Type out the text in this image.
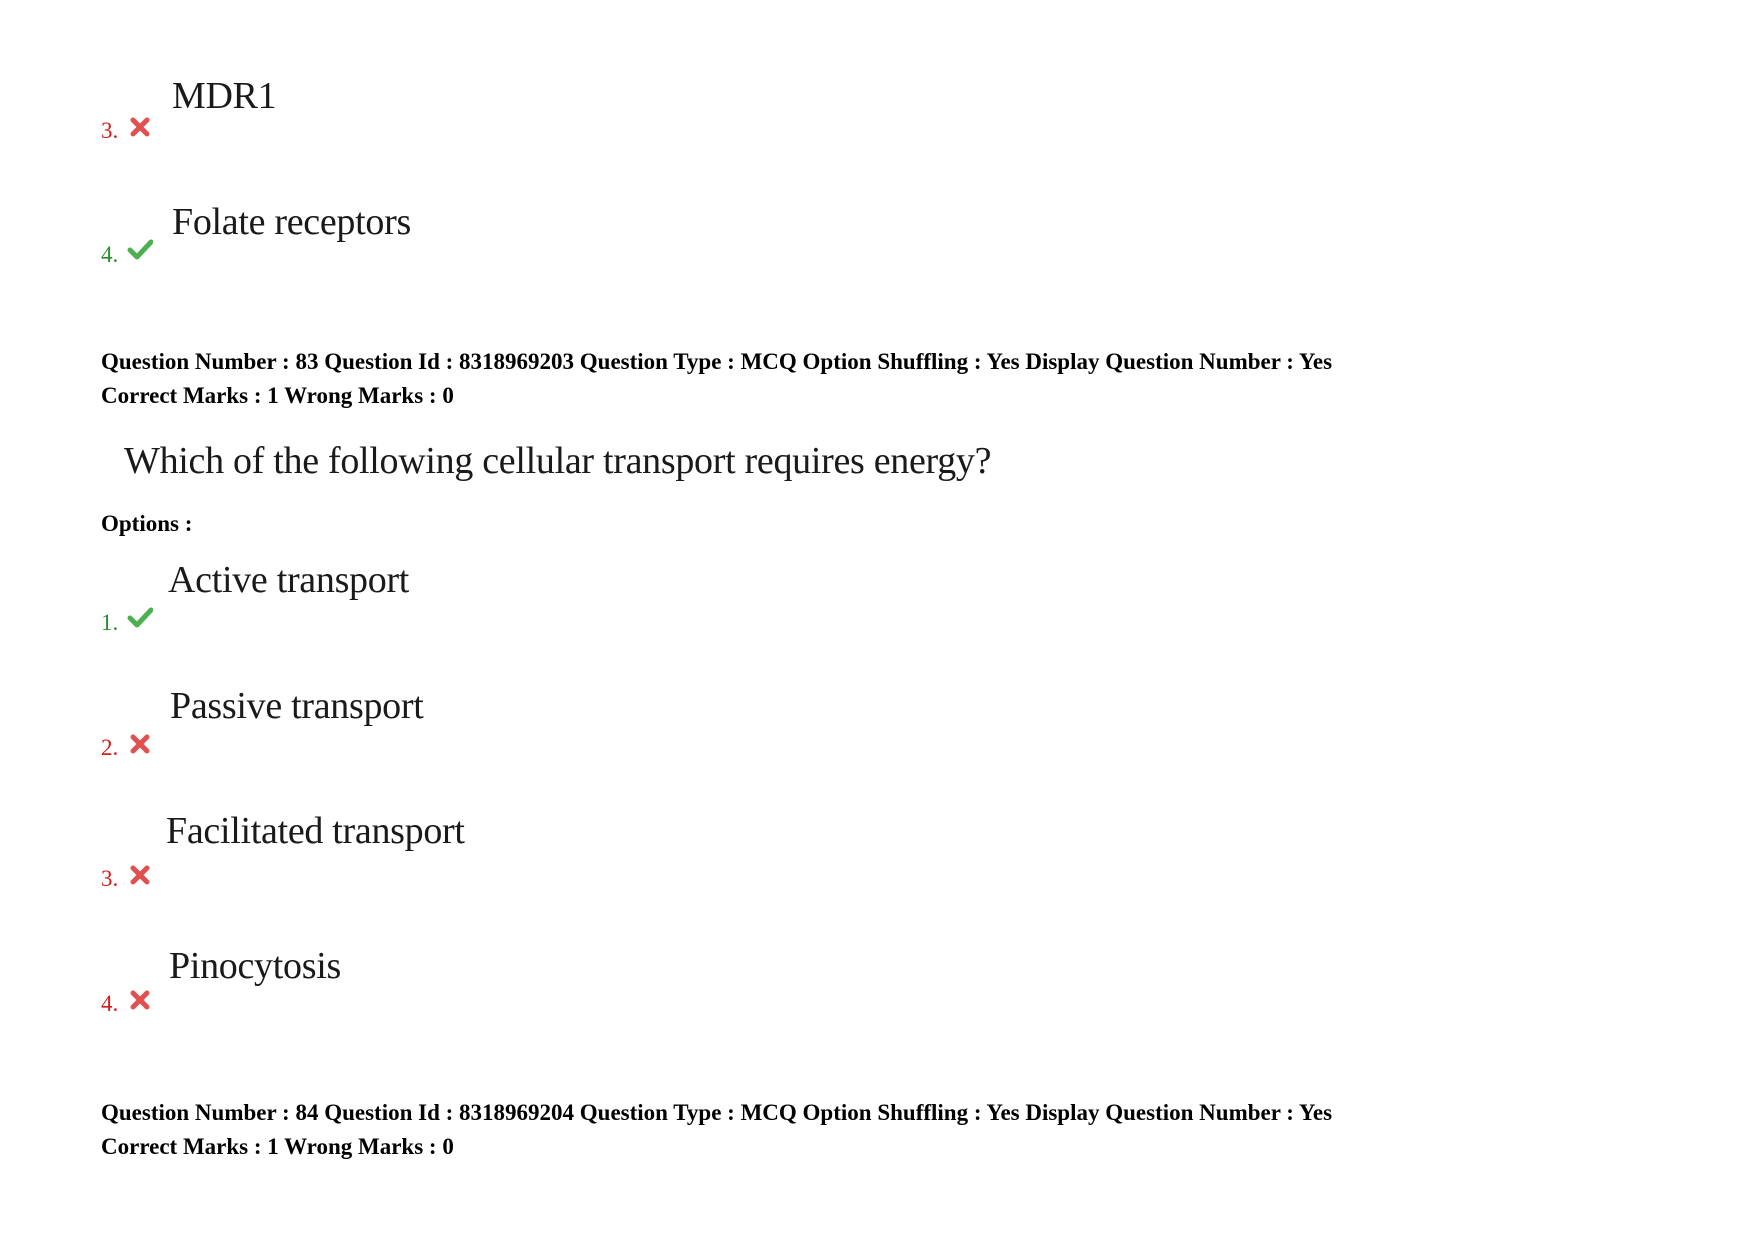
3.
MDR1
4.
Folate receptors
Question Number : 83 Question Id : 8318969203 Question Type : MCQ Option Shuffling : Yes Display Question Number : Yes
Correct Marks : 1 Wrong Marks : 0
Which of the following cellular transport requires energy?
Options :
1.
Active transport
2.
Passive transport
3.
Facilitated transport
4.
Pinocytosis
Question Number : 84 Question Id : 8318969204 Question Type : MCQ Option Shuffling : Yes Display Question Number : Yes
Correct Marks : 1 Wrong Marks : 0
